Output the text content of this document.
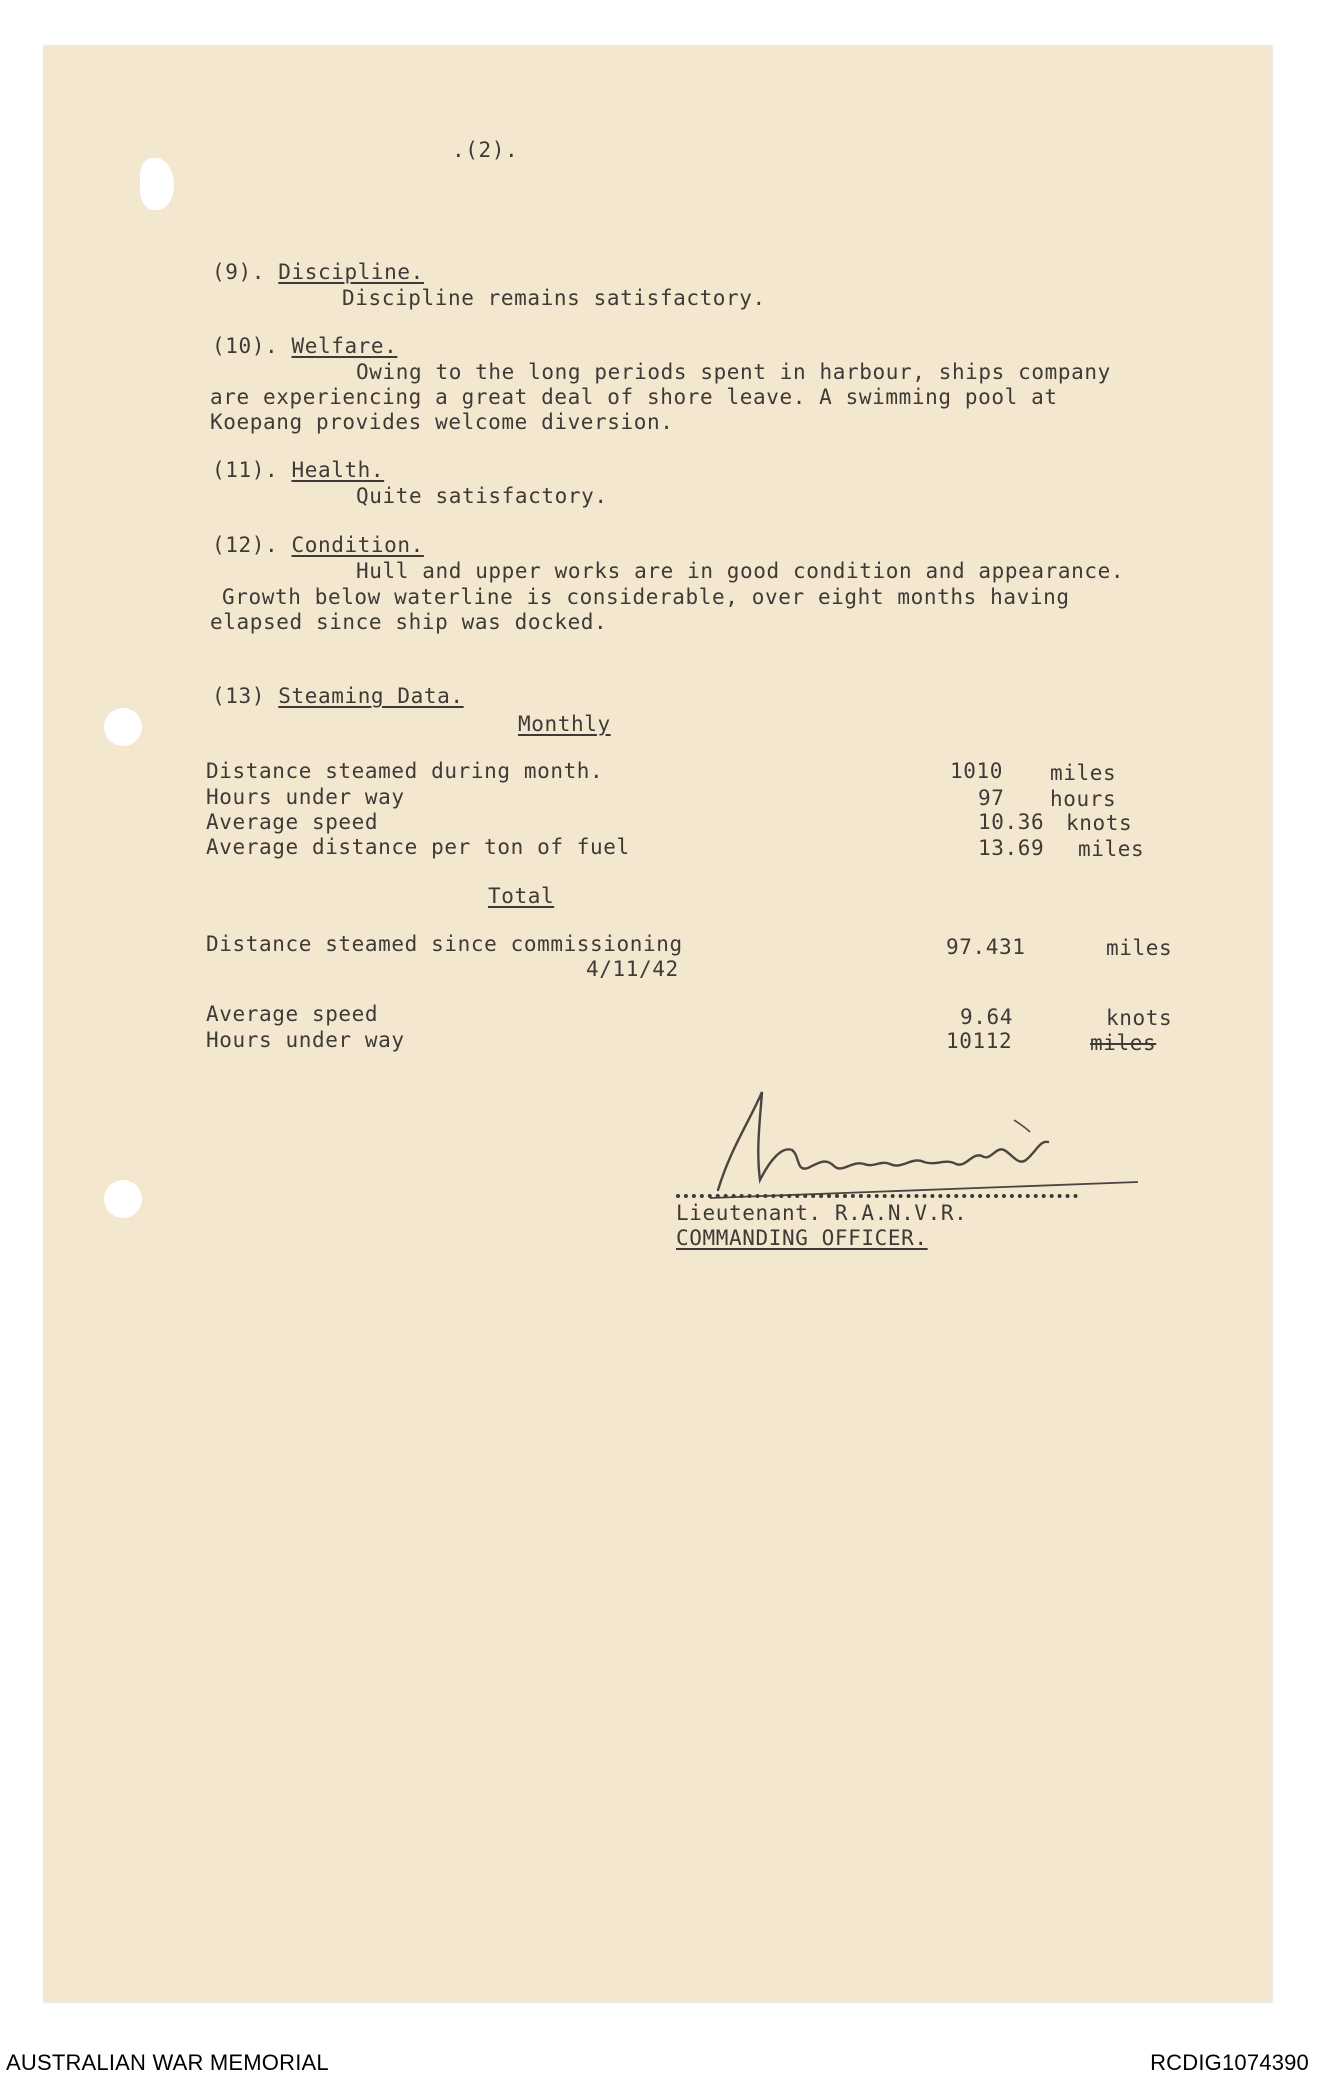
.(2).
(9). Discipline.
Discipline remains satisfactory.
(10). Welfare.
Owing to the long periods spent in harbour, ships company
are experiencing a great deal of shore leave. A swimming pool at
Koepang provides welcome diversion.
(11). Health.
Quite satisfactory.
(12). Condition.
Hull and upper works are in good condition and appearance.
Growth below waterline is considerable, over eight months having
elapsed since ship was docked.
(13) Steaming Data.
Monthly
Distance steamed during month.	1010 miles
Hours under way	97 hours
Average speed	10.36 knots
Average distance per ton of fuel	13.69 miles
Total
Distance steamed since commissioning
4/11/42
97.431	miles
Average speed	9.64	knots
Hours under way	10112	miles
Lieutenant. R.A.N.V.R.
COMMANDING OFFICER.
AUSTRALIAN WAR MEMORIAL	RCDIG1074390
